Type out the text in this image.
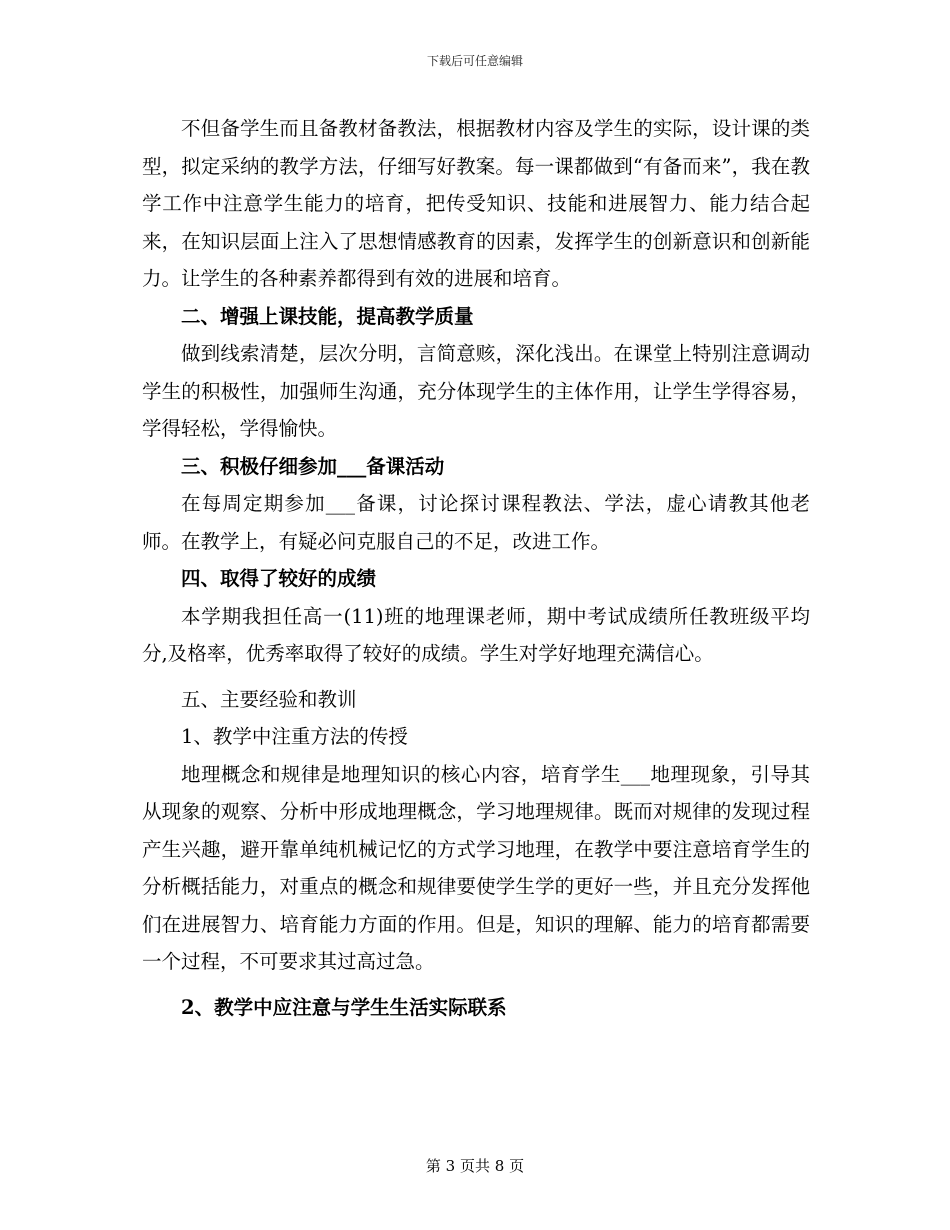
下载后可任意编辑

不但备学生而且备教材备教法，根据教材内容及学生的实际，设计课的类型，拟定采纳的教学方法，仔细写好教案。每一课都做到“有备而来”，我在教学工作中注意学生能力的培育，把传受知识、技能和进展智力、能力结合起来，在知识层面上注入了思想情感教育的因素，发挥学生的创新意识和创新能力。让学生的各种素养都得到有效的进展和培育。

二、增强上课技能，提高教学质量

做到线索清楚，层次分明，言简意赅，深化浅出。在课堂上特别注意调动学生的积极性，加强师生沟通，充分体现学生的主体作用，让学生学得容易，学得轻松，学得愉快。

三、积极仔细参加___备课活动

在每周定期参加___备课，讨论探讨课程教法、学法，虚心请教其他老师。在教学上，有疑必问克服自己的不足，改进工作。

四、取得了较好的成绩

本学期我担任高一(11)班的地理课老师，期中考试成绩所任教班级平均分,及格率，优秀率取得了较好的成绩。学生对学好地理充满信心。

五、主要经验和教训

1、教学中注重方法的传授

地理概念和规律是地理知识的核心内容，培育学生___地理现象，引导其从现象的观察、分析中形成地理概念，学习地理规律。既而对规律的发现过程产生兴趣，避开靠单纯机械记忆的方式学习地理，在教学中要注意培育学生的分析概括能力，对重点的概念和规律要使学生学的更好一些，并且充分发挥他们在进展智力、培育能力方面的作用。但是，知识的理解、能力的培育都需要一个过程，不可要求其过高过急。

2、教学中应注意与学生生活实际联系

第 3 页共 8 页
